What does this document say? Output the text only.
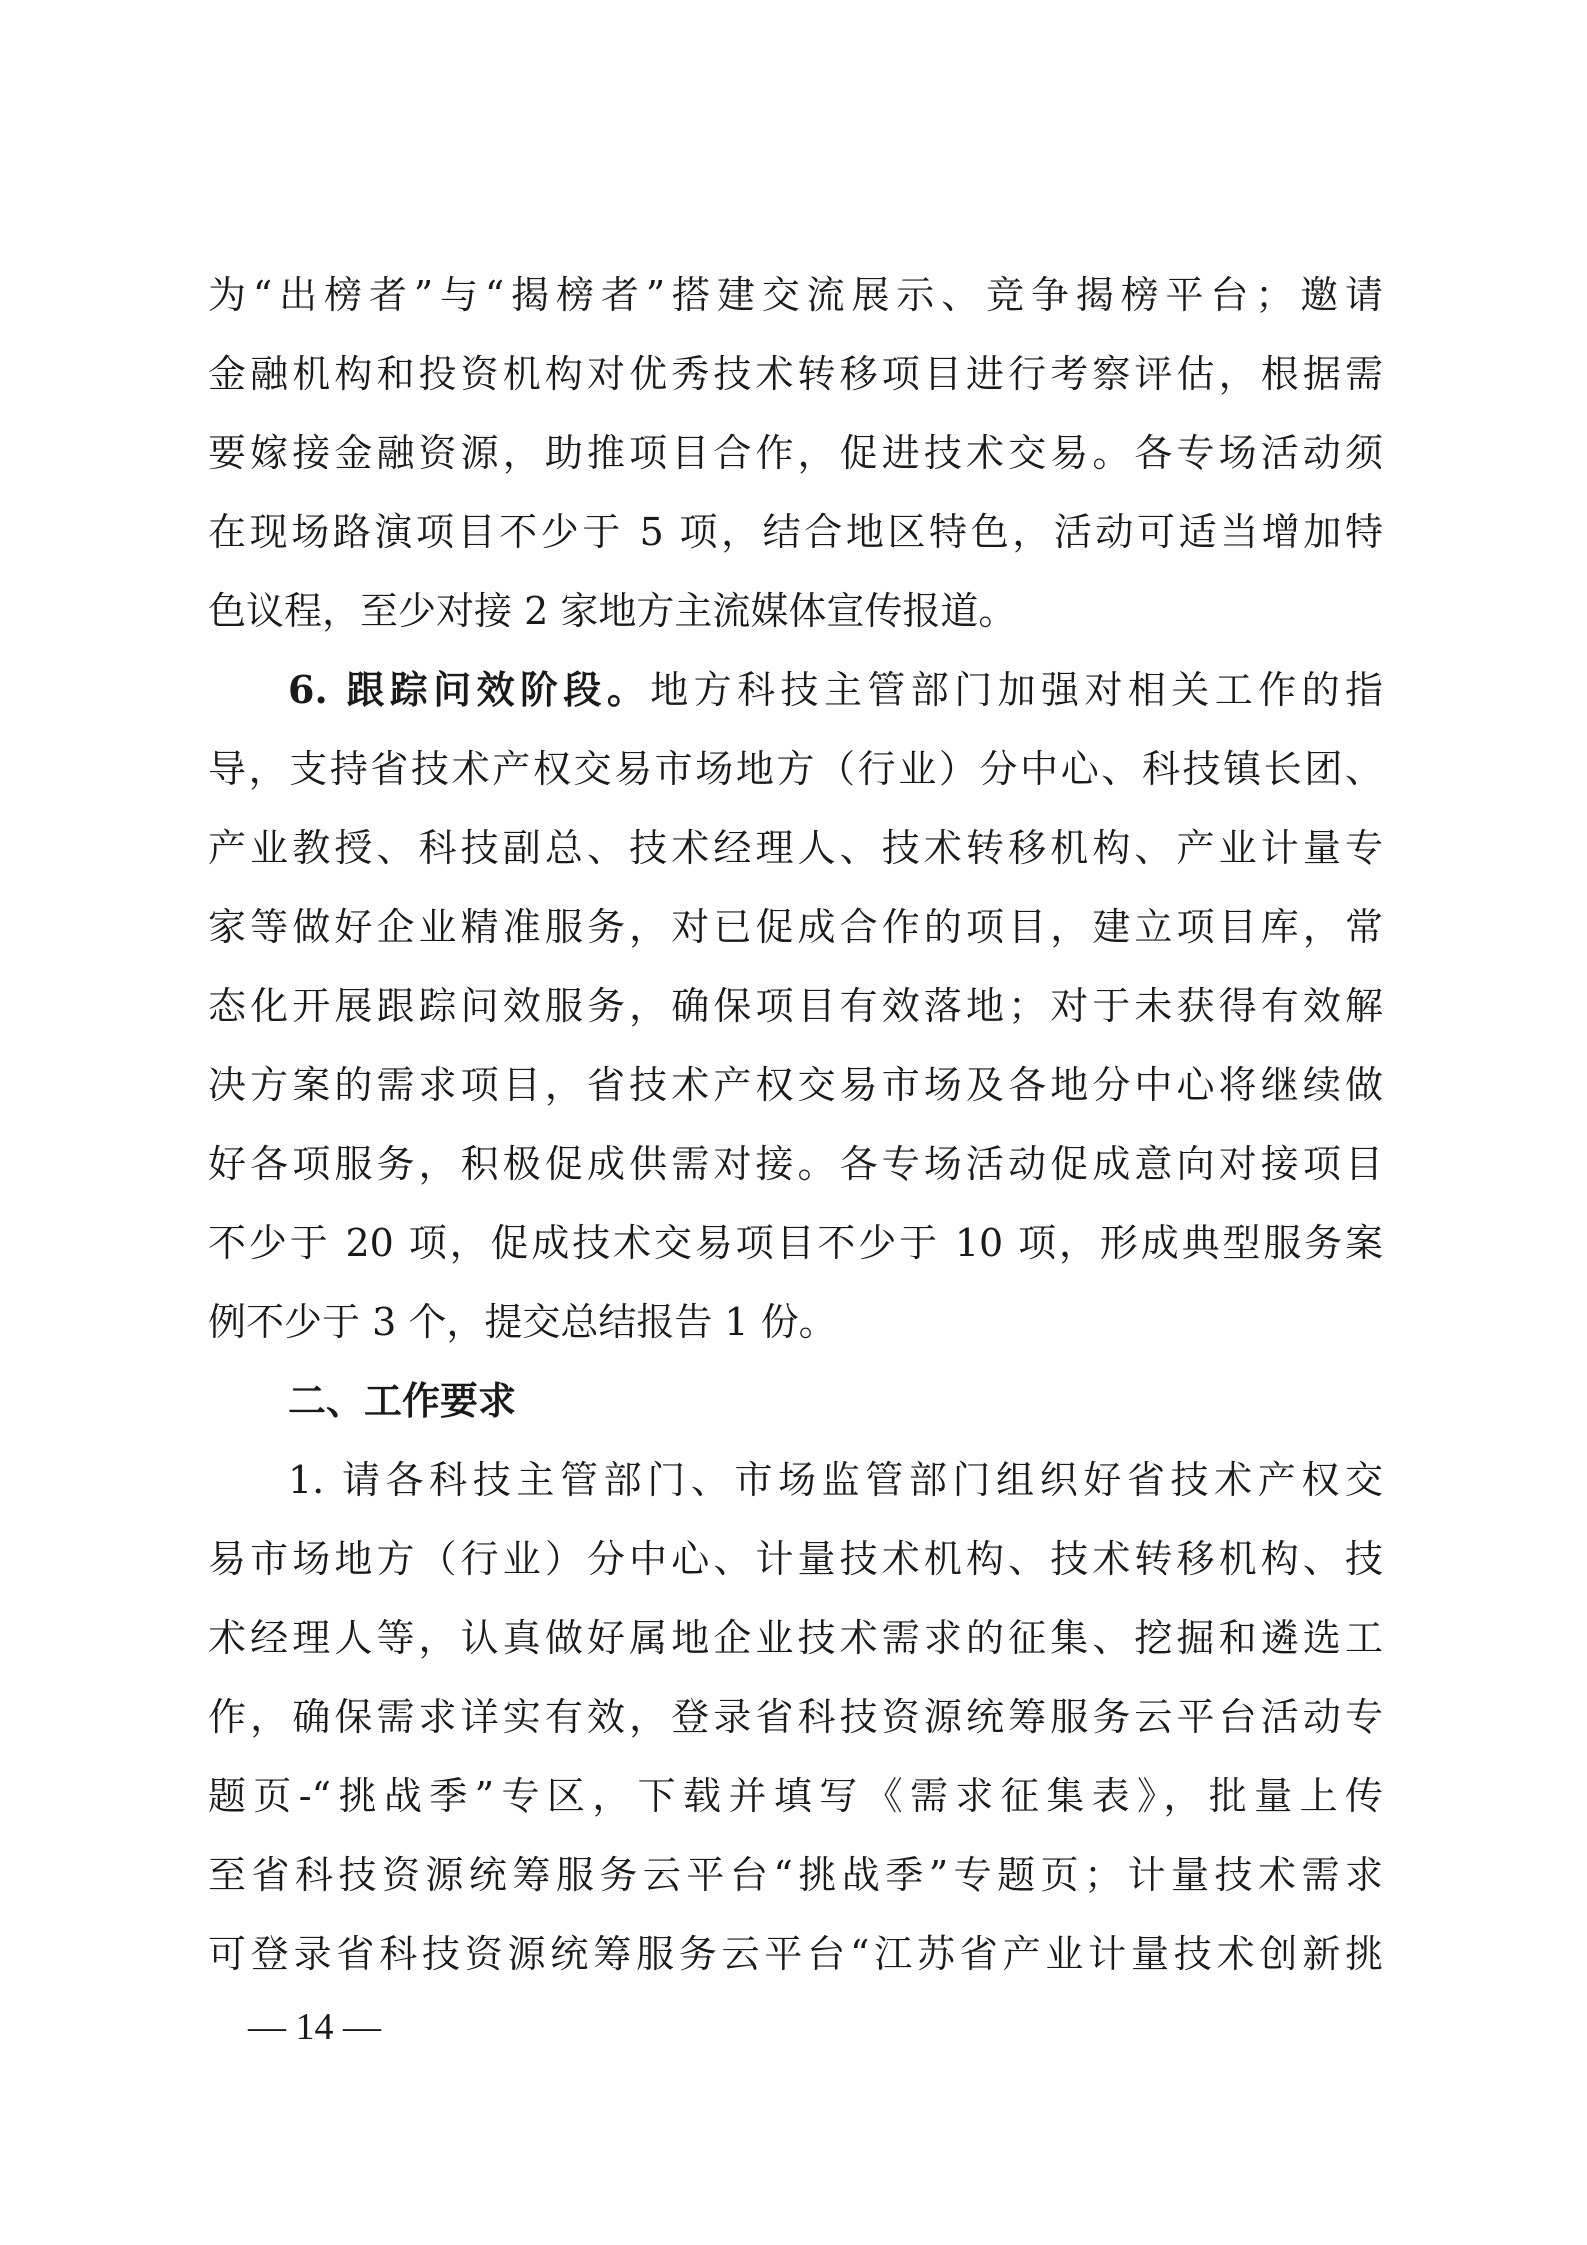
为“出榜者”与“揭榜者”搭建交流展示、竞争揭榜平台；邀请
金融机构和投资机构对优秀技术转移项目进行考察评估，根据需
要嫁接金融资源，助推项目合作，促进技术交易。各专场活动须
在现场路演项目不少于 5 项，结合地区特色，活动可适当增加特
色议程，至少对接 2 家地方主流媒体宣传报道。
6. 跟踪问效阶段。地方科技主管部门加强对相关工作的指
导，支持省技术产权交易市场地方（行业）分中心、科技镇长团、
产业教授、科技副总、技术经理人、技术转移机构、产业计量专
家等做好企业精准服务，对已促成合作的项目，建立项目库，常
态化开展跟踪问效服务，确保项目有效落地；对于未获得有效解
决方案的需求项目，省技术产权交易市场及各地分中心将继续做
好各项服务，积极促成供需对接。各专场活动促成意向对接项目
不少于 20 项，促成技术交易项目不少于 10 项，形成典型服务案
例不少于 3 个，提交总结报告 1 份。
二、工作要求
1. 请各科技主管部门、市场监管部门组织好省技术产权交
易市场地方（行业）分中心、计量技术机构、技术转移机构、技
术经理人等，认真做好属地企业技术需求的征集、挖掘和遴选工
作，确保需求详实有效，登录省科技资源统筹服务云平台活动专
题页-“挑战季”专区，下载并填写《需求征集表》，批量上传
至省科技资源统筹服务云平台“挑战季”专题页；计量技术需求
可登录省科技资源统筹服务云平台“江苏省产业计量技术创新挑
— 14 —
